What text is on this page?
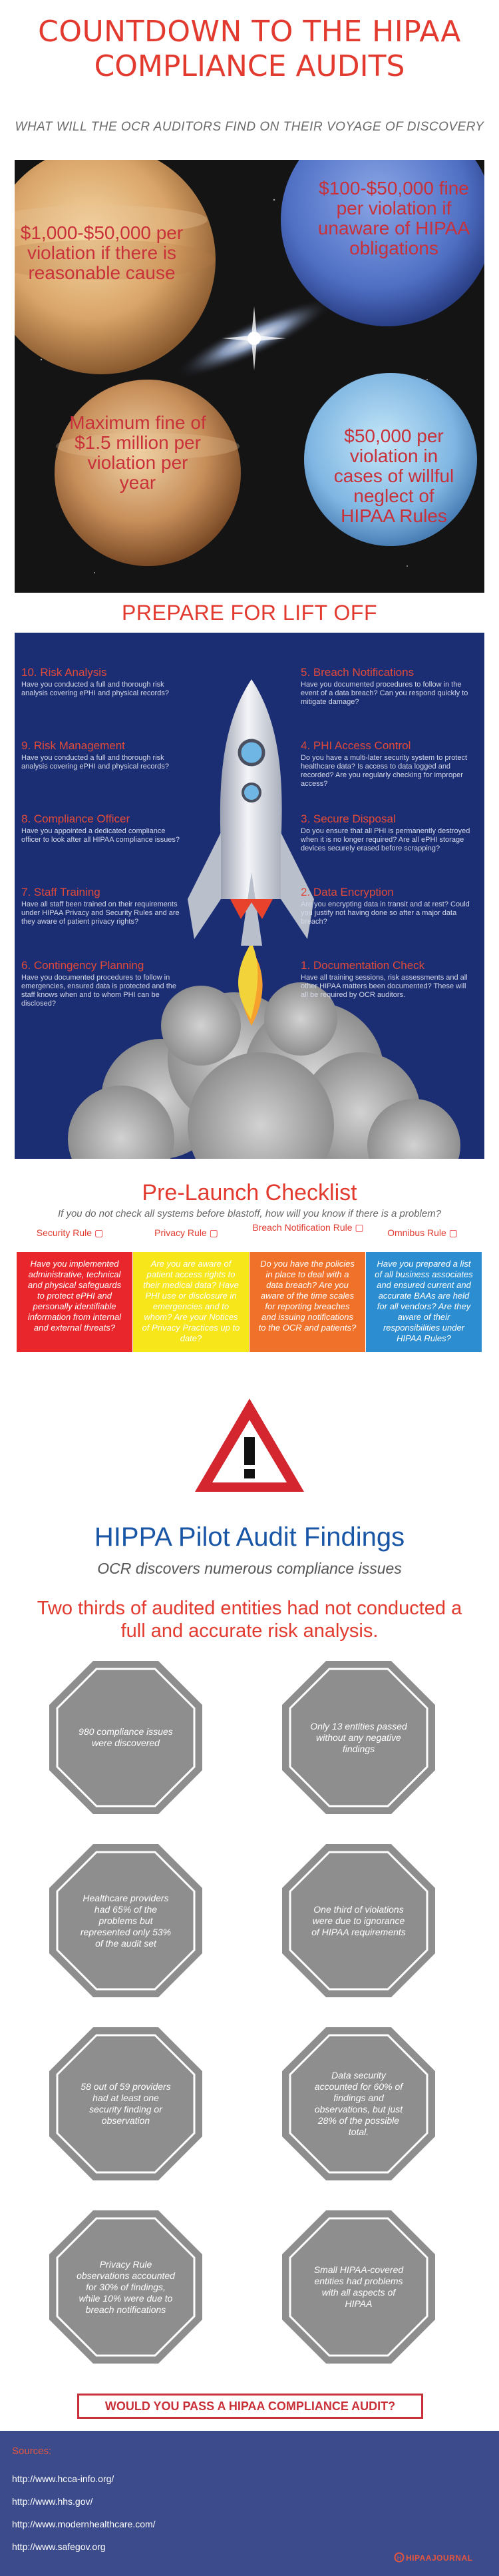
COUNTDOWN TO THE HIPAA
COMPLIANCE AUDITS
WHAT WILL THE OCR AUDITORS FIND ON THEIR VOYAGE OF DISCOVERY
$1,000-$50,000 per violation if there is reasonable cause
$100-$50,000 fine per violation if unaware of HIPAA obligations
Maximum fine of $1.5 million per violation per year
$50,000 per violation in cases of willful neglect of HIPAA Rules
PREPARE FOR LIFT OFF
10. Risk Analysis
Have you conducted a full and thorough risk analysis covering ePHI and physical records?
5. Breach Notifications
Have you documented procedures to follow in the event of a data breach? Can you respond quickly to mitigate damage?
9. Risk Management
Have you conducted a full and thorough risk analysis covering ePHI and physical records?
4. PHI Access Control
Do you have a multi-later security system to protect healthcare data? Is access to data logged and recorded? Are you regularly checking for improper access?
8. Compliance Officer
Have you appointed a dedicated compliance officer to look after all HIPAA compliance issues?
3. Secure Disposal
Do you ensure that all PHI is permanently destroyed when it is no longer required? Are all ePHI storage devices securely erased before scrapping?
7. Staff Training
Have all staff been trained on their requirements under HIPAA Privacy and Security Rules and are they aware of patient privacy rights?
2. Data Encryption
Are you encrypting data in transit and at rest? Could you justify not having done so after a major data breach?
6. Contingency Planning
Have you documented procedures to follow in emergencies, ensured data is protected and the staff knows when and to whom PHI can be disclosed?
1. Documentation Check
Have all training sessions, risk assessments and all other HIPAA matters been documented? These will all be required by OCR auditors.
Pre-Launch Checklist
If you do not check all systems before blastoff, how will you know if there is a problem?
Security Rule ▢	Privacy Rule ▢	Breach Notification Rule ▢	Omnibus Rule ▢
Have you implemented administrative, technical and physical safeguards to protect ePHI and personally identifiable information from internal and external threats?
Are you are aware of patient access rights to their medical data? Have PHI use or disclosure in emergencies and to whom? Are your Notices of Privacy Practices up to date?
Do you have the policies in place to deal with a data breach? Are you aware of the time scales for reporting breaches and issuing notifications to the OCR and patients?
Have you prepared a list of all business associates and ensured current and accurate BAAs are held for all vendors? Are they aware of their responsibilities under HIPAA Rules?
HIPPA Pilot Audit Findings
OCR discovers numerous compliance issues
Two thirds of audited entities had not conducted a full and accurate risk analysis.
980 compliance issues were discovered
Only 13 entities passed without any negative findings
Healthcare providers had 65% of the problems but represented only 53% of the audit set
One third of violations were due to ignorance of HIPAA requirements
58 out of 59 providers had at least one security finding or observation
Data security accounted for 60% of findings and observations, but just 28% of the possible total.
Privacy Rule observations accounted for 30% of findings, while 10% were due to breach notifications
Small HIPAA-covered entities had problems with all aspects of HIPAA
WOULD YOU PASS A HIPAA COMPLIANCE AUDIT?
Sources:
http://www.hcca-info.org/
http://www.hhs.gov/
http://www.modernhealthcare.com/
http://www.safegov.org
H HIPAAJOURNAL
